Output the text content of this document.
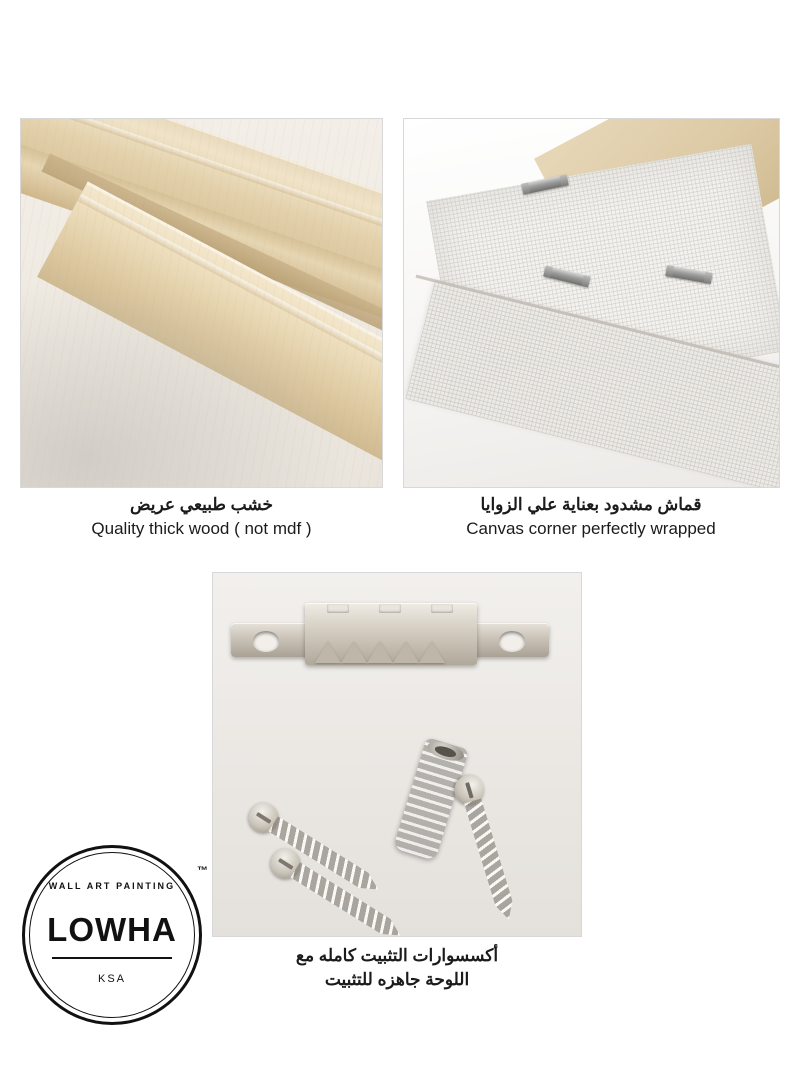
خشب طبيعي عريض
Quality thick wood ( not mdf )
قماش مشدود بعناية علي الزوايا
Canvas corner perfectly wrapped
أكسسوارات التثبيت كامله مع
اللوحة جاهزه للتثبيت
WALL ART PAINTING
LOWHA
KSA
™
